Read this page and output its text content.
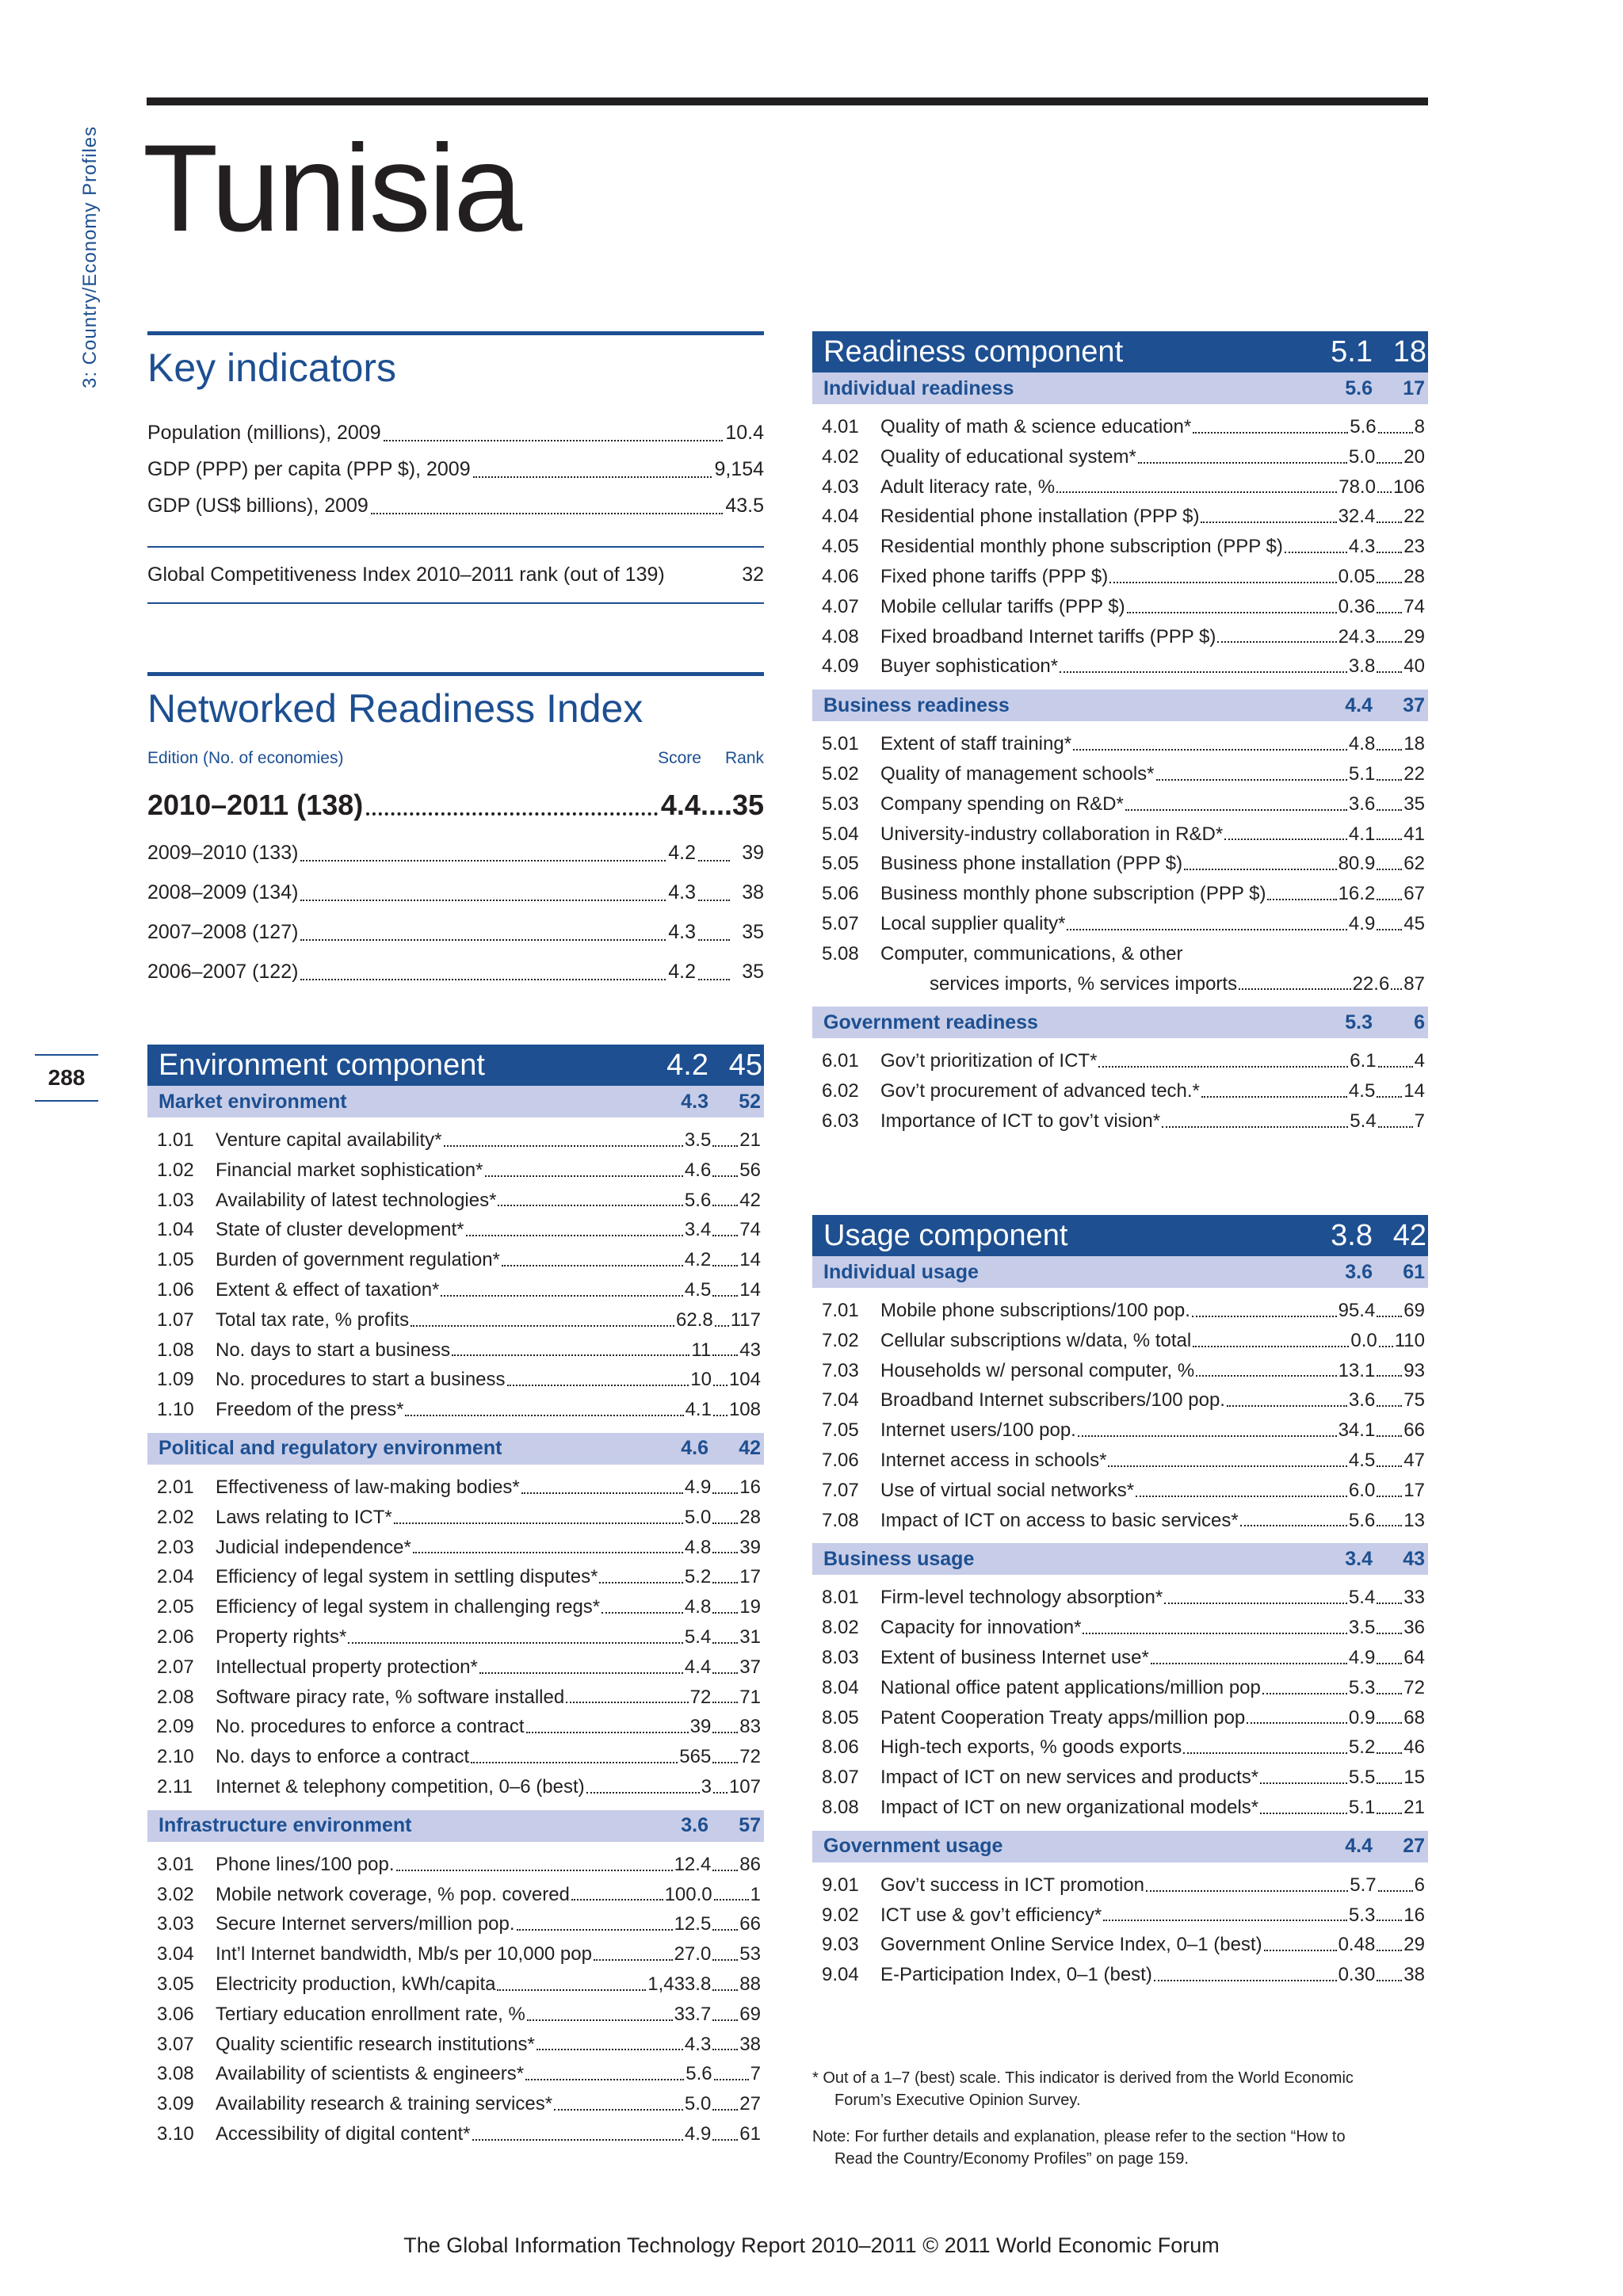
3: Country/Economy Profiles
288
Tunisia
Key indicators
Population (millions), 2009	10.4
GDP (PPP) per capita (PPP $), 2009	9,154
GDP (US$ billions), 2009	43.5
Global Competitiveness Index 2010–2011 rank (out of 139)	32
Networked Readiness Index
Edition (No. of economies)	Score Rank
2010–2011 (138)	4.4 .... 35
2009–2010 (133)	4.2	39
2008–2009 (134)	4.3	38
2007–2008 (127)	4.3	35
2006–2007 (122)	4.2	35
Environment component	4.2 45
Market environment	4.3	52
1.01	Venture capital availability*	3.5 21
1.02	Financial market sophistication*	4.6 56
1.03	Availability of latest technologies*	5.6 42
1.04	State of cluster development*	3.4 74
1.05	Burden of government regulation*	4.2 14
1.06	Extent & effect of taxation*	4.5 14
1.07	Total tax rate, % profits	62.8 117
1.08	No. days to start a business	11 43
1.09	No. procedures to start a business	10 104
1.10	Freedom of the press*	4.1 108
Political and regulatory environment	4.6	42
2.01	Effectiveness of law-making bodies*	4.9 16
2.02	Laws relating to ICT*	5.0 28
2.03	Judicial independence*	4.8 39
2.04	Efficiency of legal system in settling disputes*	5.2 17
2.05	Efficiency of legal system in challenging regs*	4.8 19
2.06	Property rights*	5.4 31
2.07	Intellectual property protection*	4.4 37
2.08	Software piracy rate, % software installed	72 71
2.09	No. procedures to enforce a contract	39 83
2.10	No. days to enforce a contract	565 72
2.11	Internet & telephony competition, 0–6 (best)	3 107
Infrastructure environment	3.6	57
3.01	Phone lines/100 pop.	12.4 86
3.02	Mobile network coverage, % pop. covered	100.0 1
3.03	Secure Internet servers/million pop.	12.5 66
3.04	Int’l Internet bandwidth, Mb/s per 10,000 pop	27.0 53
3.05	Electricity production, kWh/capita	1,433.8 88
3.06	Tertiary education enrollment rate, %	33.7 69
3.07	Quality scientific research institutions*	4.3 38
3.08	Availability of scientists & engineers*	5.6 7
3.09	Availability research & training services*	5.0 27
3.10	Accessibility of digital content*	4.9 61
Readiness component	5.1 18
Individual readiness	5.6	17
4.01	Quality of math & science education*	5.6 8
4.02	Quality of educational system*	5.0 20
4.03	Adult literacy rate, %	78.0 106
4.04	Residential phone installation (PPP $)	32.4 22
4.05	Residential monthly phone subscription (PPP $)	4.3 23
4.06	Fixed phone tariffs (PPP $)	0.05 28
4.07	Mobile cellular tariffs (PPP $)	0.36 74
4.08	Fixed broadband Internet tariffs (PPP $)	24.3 29
4.09	Buyer sophistication*	3.8 40
Business readiness	4.4	37
5.01	Extent of staff training*	4.8 18
5.02	Quality of management schools*	5.1 22
5.03	Company spending on R&D*	3.6 35
5.04	University-industry collaboration in R&D*	4.1 41
5.05	Business phone installation (PPP $)	80.9 62
5.06	Business monthly phone subscription (PPP $)	16.2 67
5.07	Local supplier quality*	4.9 45
5.08	Computer, communications, & other
services imports, % services imports	22.6 87
Government readiness	5.3	6
6.01	Gov’t prioritization of ICT*	6.1 4
6.02	Gov’t procurement of advanced tech.*	4.5 14
6.03	Importance of ICT to gov’t vision*	5.4 7
Usage component	3.8 42
Individual usage	3.6	61
7.01	Mobile phone subscriptions/100 pop.	95.4 69
7.02	Cellular subscriptions w/data, % total	0.0 110
7.03	Households w/ personal computer, %	13.1 93
7.04	Broadband Internet subscribers/100 pop.	3.6 75
7.05	Internet users/100 pop.	34.1 66
7.06	Internet access in schools*	4.5 47
7.07	Use of virtual social networks*	6.0 17
7.08	Impact of ICT on access to basic services*	5.6 13
Business usage	3.4	43
8.01	Firm-level technology absorption*	5.4 33
8.02	Capacity for innovation*	3.5 36
8.03	Extent of business Internet use*	4.9 64
8.04	National office patent applications/million pop	5.3 72
8.05	Patent Cooperation Treaty apps/million pop	0.9 68
8.06	High-tech exports, % goods exports	5.2 46
8.07	Impact of ICT on new services and products*	5.5 15
8.08	Impact of ICT on new organizational models*	5.1 21
Government usage	4.4	27
9.01	Gov’t success in ICT promotion	5.7 6
9.02	ICT use & gov’t efficiency*	5.3 16
9.03	Government Online Service Index, 0–1 (best)	0.48 29
9.04	E-Participation Index, 0–1 (best)	0.30 38
* Out of a 1–7 (best) scale. This indicator is derived from the World Economic
Forum’s Executive Opinion Survey.
Note: For further details and explanation, please refer to the section “How to
Read the Country/Economy Profiles” on page 159.
The Global Information Technology Report 2010–2011 © 2011 World Economic Forum
